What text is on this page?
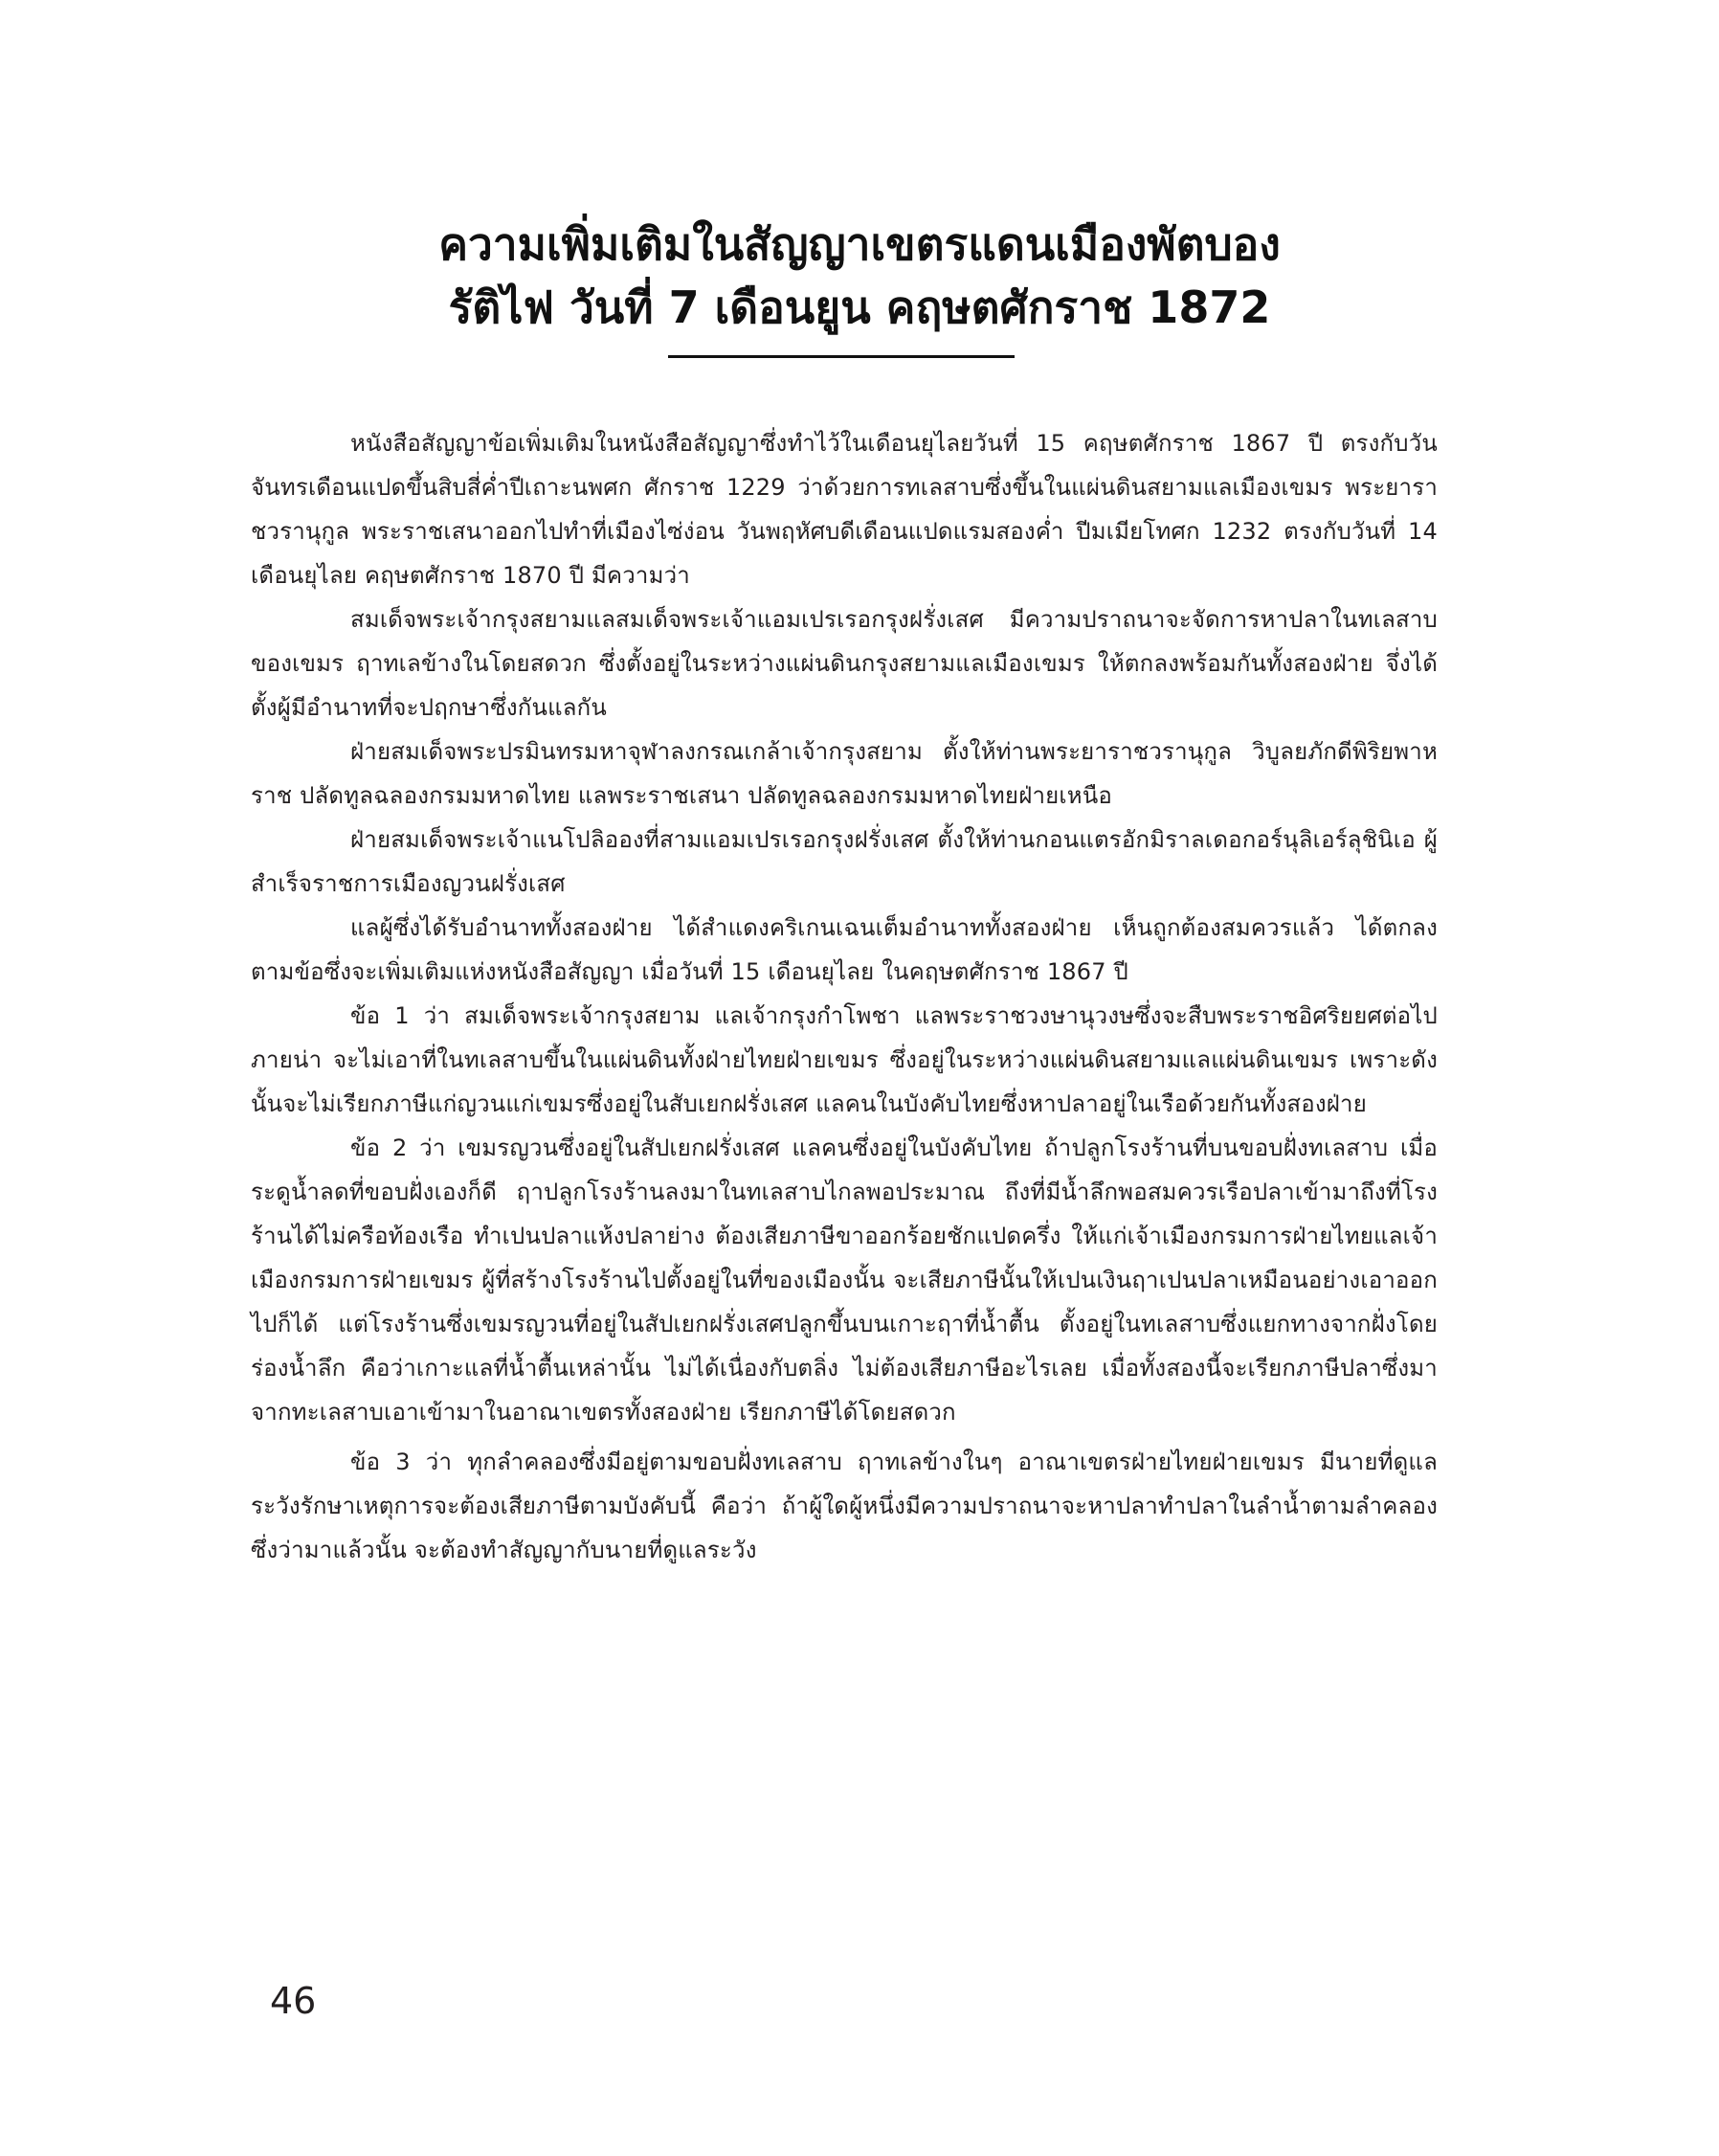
ความเพิ่มเติมในสัญญาเขตรแดนเมืองพัตบอง
รัติไฟ วันที่ 7 เดือนยูน คฤษตศักราช 1872

หนังสือสัญญาข้อเพิ่มเติมในหนังสือสัญญาซึ่งทำไว้ในเดือนยุไลยวันที่ 15 คฤษตศักราช 1867 ปี ตรงกับวันจันทรเดือนแปดขึ้นสิบสี่ค่ำปีเถาะนพศก ศักราช 1229 ว่าด้วยการทเลสาบซึ่งขึ้นในแผ่นดินสยามแลเมืองเขมร พระยาราชวรานุกูล พระราชเสนาออกไปทำที่เมืองไซ่ง่อน วันพฤหัศบดีเดือนแปดแรมสองค่ำ ปีมเมียโทศก 1232 ตรงกับวันที่ 14 เดือนยุไลย คฤษตศักราช 1870 ปี มีความว่า

สมเด็จพระเจ้ากรุงสยามแลสมเด็จพระเจ้าแอมเปรเรอกรุงฝรั่งเสศ มีความปราถนาจะจัดการหาปลาในทเลสาบของเขมร ฤาทเลข้างในโดยสดวก ซึ่งตั้งอยู่ในระหว่างแผ่นดินกรุงสยามแลเมืองเขมร ให้ตกลงพร้อมกันทั้งสองฝ่าย จึ่งได้ตั้งผู้มีอำนาทที่จะปฤกษาซึ่งกันแลกัน

ฝ่ายสมเด็จพระปรมินทรมหาจุฬาลงกรณเกล้าเจ้ากรุงสยาม ตั้งให้ท่านพระยาราชวรานุกูล วิบูลยภักดีพิริยพาหราช ปลัดทูลฉลองกรมมหาดไทย แลพระราชเสนา ปลัดทูลฉลองกรมมหาดไทยฝ่ายเหนือ

ฝ่ายสมเด็จพระเจ้าแนโปลิอองที่สามแอมเปรเรอกรุงฝรั่งเสศ ตั้งให้ท่านกอนแตรอักมิราลเดอกอร์นุลิเอร์ลุชินิเอ ผู้สำเร็จราชการเมืองญวนฝรั่งเสศ

แลผู้ซึ่งได้รับอำนาททั้งสองฝ่าย ได้สำแดงคริเกนเฉนเต็มอำนาททั้งสองฝ่าย เห็นถูกต้องสมควรแล้ว ได้ตกลงตามข้อซึ่งจะเพิ่มเติมแห่งหนังสือสัญญา เมื่อวันที่ 15 เดือนยุไลย ในคฤษตศักราช 1867 ปี

ข้อ 1 ว่า สมเด็จพระเจ้ากรุงสยาม แลเจ้ากรุงกำโพชา แลพระราชวงษานุวงษซึ่งจะสืบพระราชอิศริยยศต่อไปภายน่า จะไม่เอาที่ในทเลสาบขึ้นในแผ่นดินทั้งฝ่ายไทยฝ่ายเขมร ซึ่งอยู่ในระหว่างแผ่นดินสยามแลแผ่นดินเขมร เพราะดังนั้นจะไม่เรียกภาษีแก่ญวนแก่เขมรซึ่งอยู่ในสับเยกฝรั่งเสศ แลคนในบังคับไทยซึ่งหาปลาอยู่ในเรือด้วยกันทั้งสองฝ่าย

ข้อ 2 ว่า เขมรญวนซึ่งอยู่ในสัปเยกฝรั่งเสศ แลคนซึ่งอยู่ในบังคับไทย ถ้าปลูกโรงร้านที่บนขอบฝั่งทเลสาบ เมื่อระดูน้ำลดที่ขอบฝั่งเองก็ดี ฤาปลูกโรงร้านลงมาในทเลสาบไกลพอประมาณ ถึงที่มีน้ำลึกพอสมควรเรือปลาเข้ามาถึงที่โรงร้านได้ไม่ครือท้องเรือ ทำเปนปลาแห้งปลาย่าง ต้องเสียภาษีขาออกร้อยชักแปดครึ่ง ให้แก่เจ้าเมืองกรมการฝ่ายไทยแลเจ้าเมืองกรมการฝ่ายเขมร ผู้ที่สร้างโรงร้านไปตั้งอยู่ในที่ของเมืองนั้น จะเสียภาษีนั้นให้เปนเงินฤาเปนปลาเหมือนอย่างเอาออกไปก็ได้ แต่โรงร้านซึ่งเขมรญวนที่อยู่ในสัปเยกฝรั่งเสศปลูกขึ้นบนเกาะฤาที่น้ำตื้น ตั้งอยู่ในทเลสาบซึ่งแยกทางจากฝั่งโดยร่องน้ำลึก คือว่าเกาะแลที่น้ำตื้นเหล่านั้น ไม่ได้เนื่องกับตลิ่ง ไม่ต้องเสียภาษีอะไรเลย เมื่อทั้งสองนี้จะเรียกภาษีปลาซึ่งมาจากทะเลสาบเอาเข้ามาในอาณาเขตรทั้งสองฝ่าย เรียกภาษีได้โดยสดวก

ข้อ 3 ว่า ทุกลำคลองซึ่งมีอยู่ตามขอบฝั่งทเลสาบ ฤาทเลข้างในๆ อาณาเขตรฝ่ายไทยฝ่ายเขมร มีนายที่ดูแลระวังรักษาเหตุการจะต้องเสียภาษีตามบังคับนี้ คือว่า ถ้าผู้ใดผู้หนึ่งมีความปราถนาจะหาปลาทำปลาในลำน้ำตามลำคลองซึ่งว่ามาแล้วนั้น จะต้องทำสัญญากับนายที่ดูแลระวัง

46
